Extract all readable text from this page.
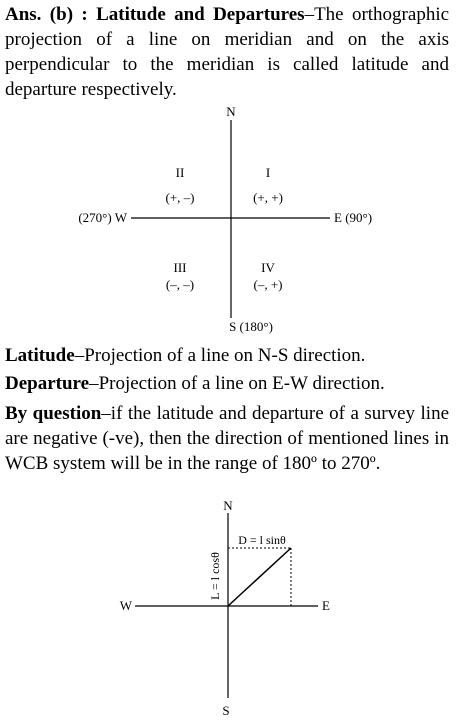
Ans. (b) : Latitude and Departures–The orthographic projection of a line on meridian and on the axis perpendicular to the meridian is called latitude and departure respectively.
N
S (180°)
E (90°)
(270°) W
II
(+, –)
I
(+, +)
III
(–, –)
IV
(–, +)
Latitude–Projection of a line on N-S direction.
Departure–Projection of a line on E-W direction.
By question–if the latitude and departure of a survey line are negative (-ve), then the direction of mentioned lines in WCB system will be in the range of 180º to 270º.
N
S
E
W
D = l sinθ
L = l cosθ
